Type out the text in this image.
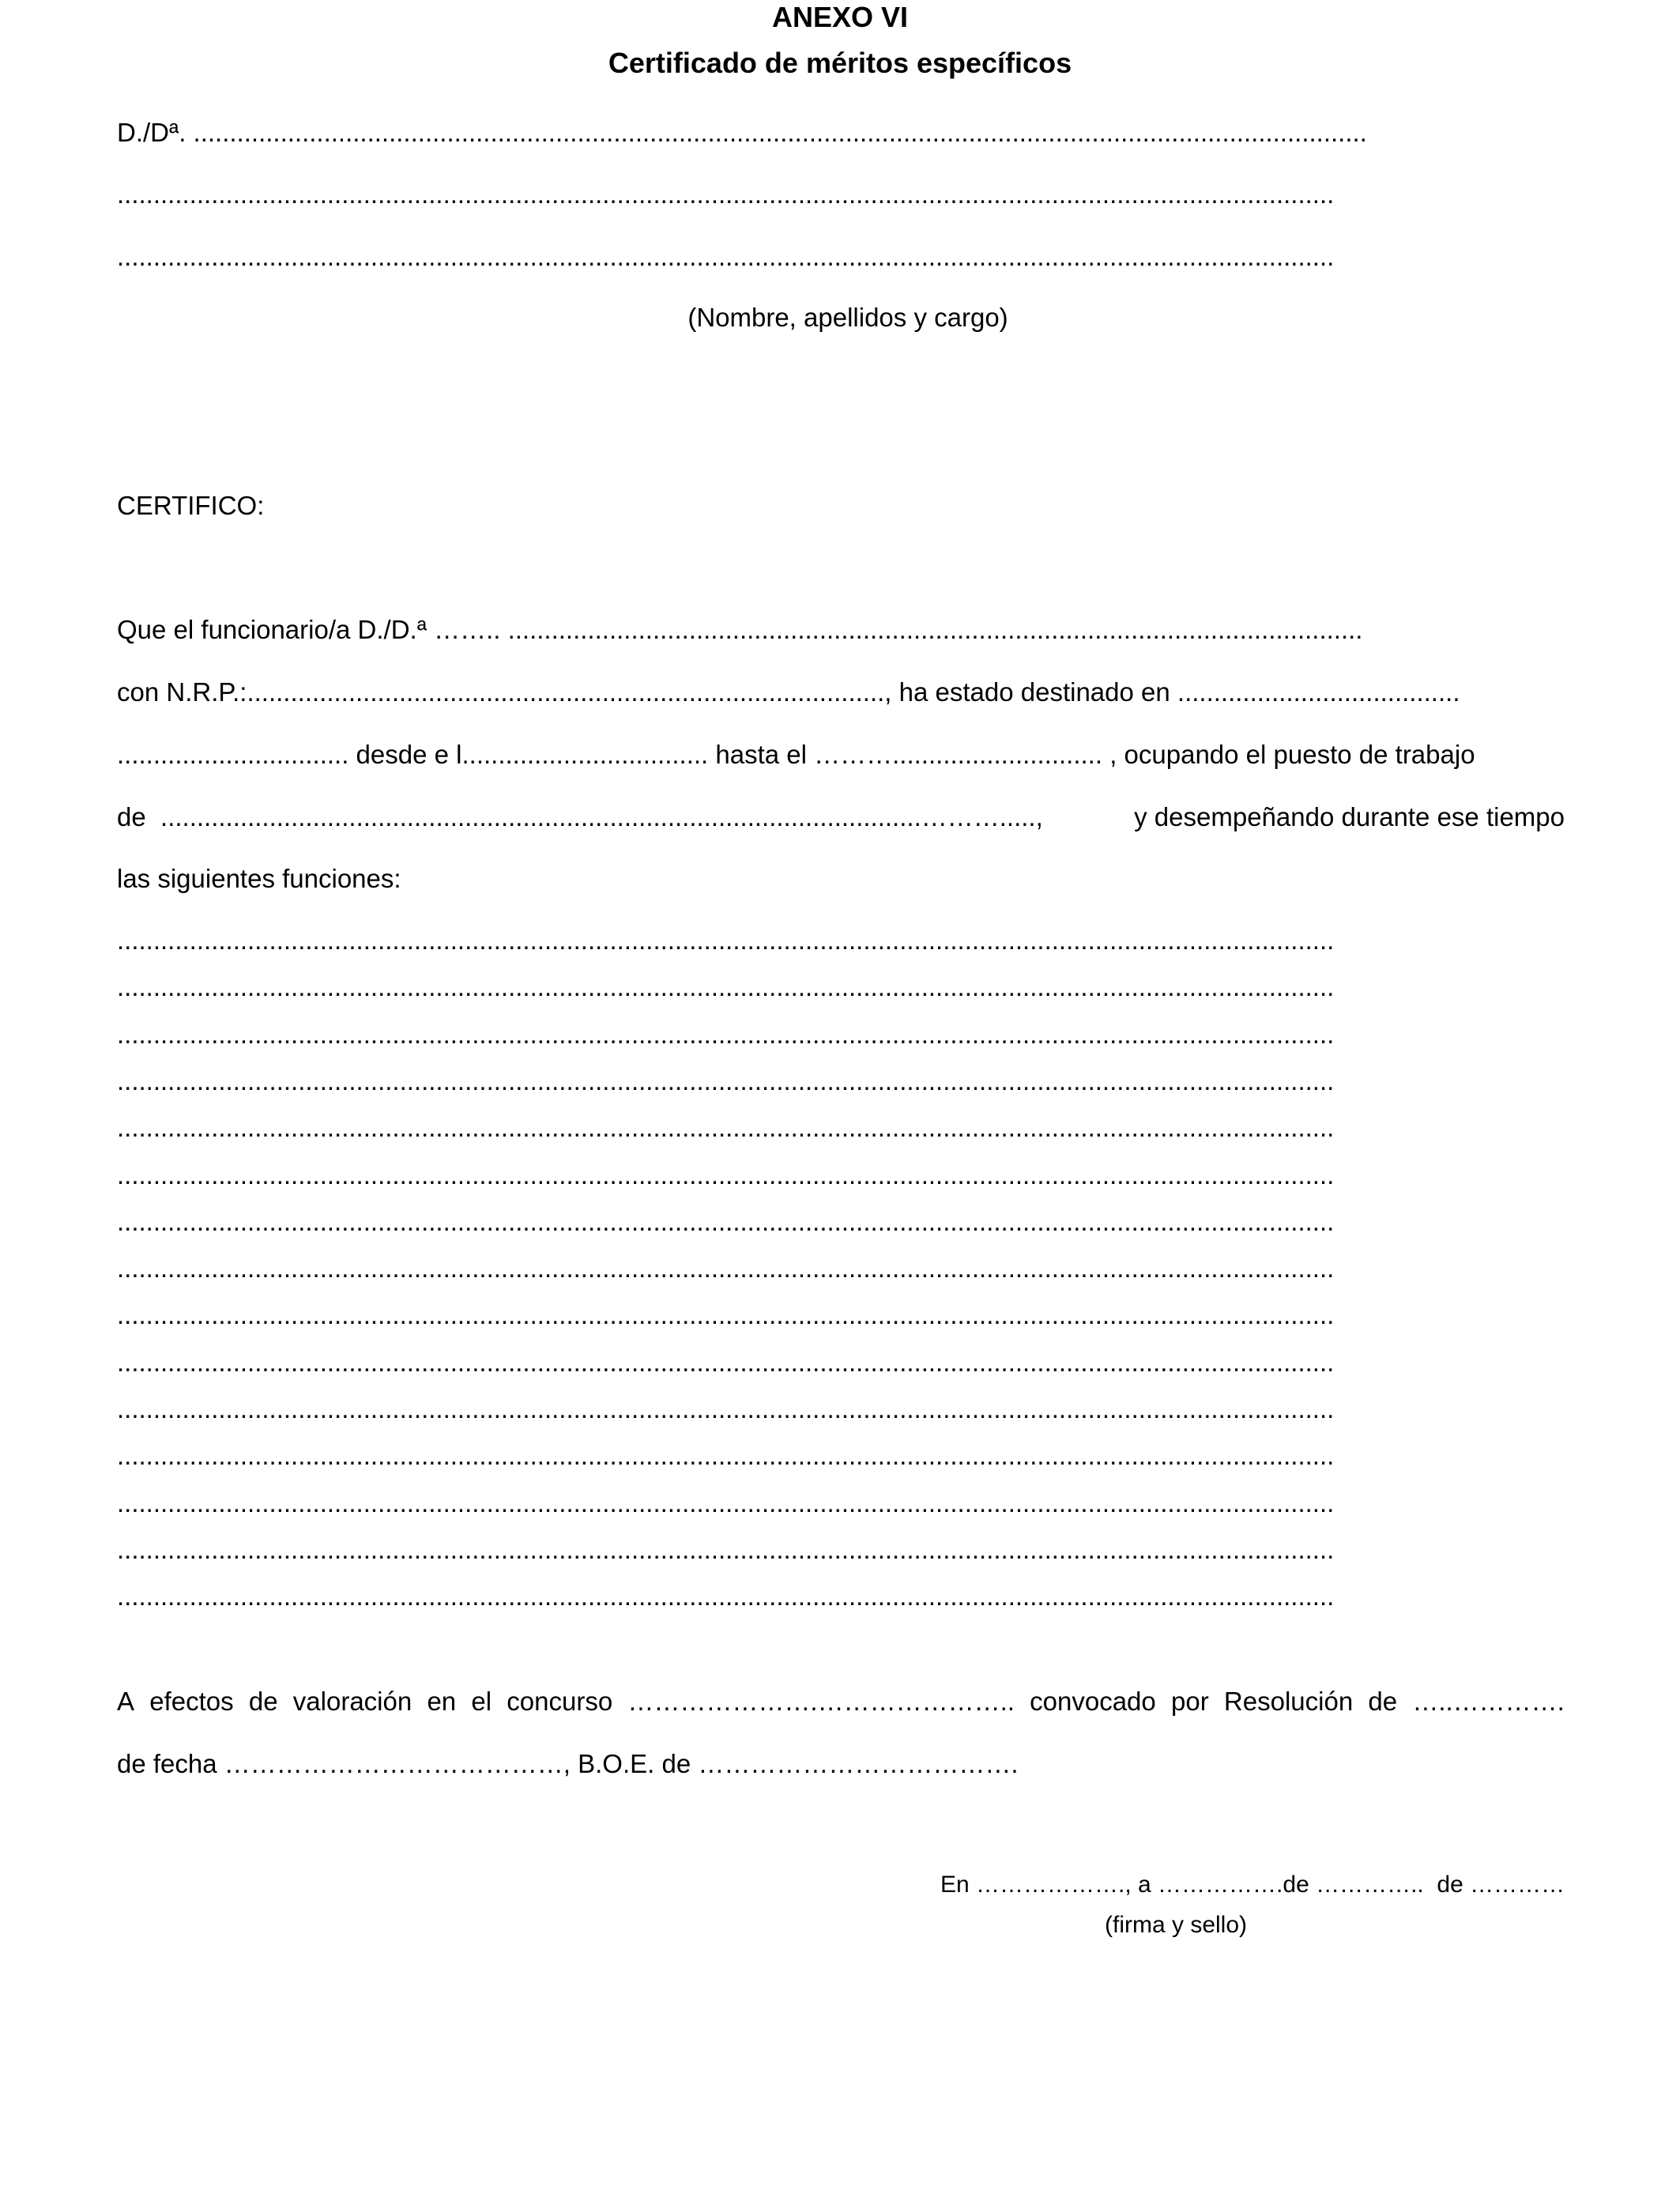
ANEXO VI
Certificado de méritos específicos
D./Dª. ..................................................................................................................................................................
........................................................................................................................................................................
........................................................................................................................................................................
(Nombre, apellidos y cargo)
CERTIFICO:
Que el funcionario/a D./D.ª …….. ......................................................................................................................
con N.R.P.:........................................................................................, ha estado destinado en .......................................
................................ desde e l.................................. hasta el ………............................. , ocupando el puesto de trabajo
de  .........................................................................................................……….....,	y desempeñando durante ese tiempo
las siguientes funciones:
........................................................................................................................................................................
........................................................................................................................................................................
........................................................................................................................................................................
........................................................................................................................................................................
........................................................................................................................................................................
........................................................................................................................................................................
........................................................................................................................................................................
........................................................................................................................................................................
........................................................................................................................................................................
........................................................................................................................................................................
........................................................................................................................................................................
........................................................................................................................................................................
........................................................................................................................................................................
........................................................................................................................................................................
........................................................................................................................................................................
A efectos de valoración en el concurso ………………….………………….. convocado por Resolución de …..………….
de fecha …………………………………, B.O.E. de ……………………………….
En ………………., a …………….de …………..  de …………
(firma y sello)
